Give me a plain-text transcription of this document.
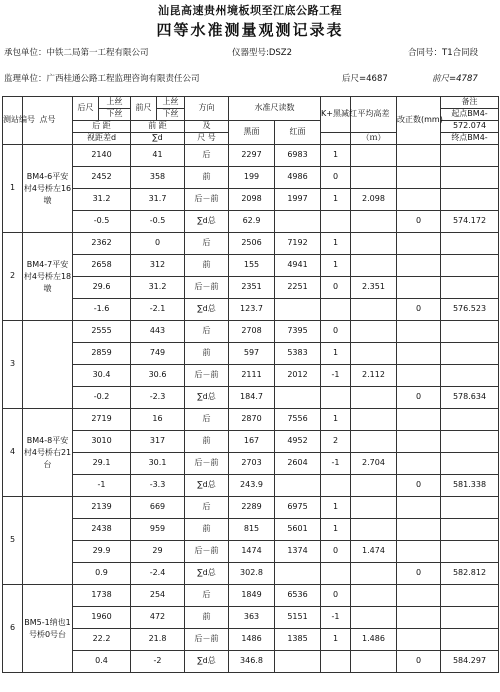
汕昆高速贵州境板坝至江底公路工程
四等水准测量观测记录表
承包单位：中铁二局第一工程有限公司	仪器型号:DSZ2	合同号：T1合同段
监理单位：广西桂通公路工程监理咨询有限责任公司	后尺=4687	前尺=4787
测站编号	点号	后尺	上丝	前尺	上丝	方向	水准尺读数		K+黑减红	平均高差	改正数(mm)	备注
			下丝		下丝							起点BM4-
		后 距		前 距		及	黑面	红面				572.074
		视距差d		∑d		尺 号				（ｍ）		终点BM4-

1	BM4-6平安村4号桥左16墩	2140		41		后	2297	6983	1			
		2452		358		前	199	4986	0			
		31.2		31.7		后－前	2098	1997	1	2.098		
		-0.5		-0.5		∑d总	62.9				0	574.172
2	BM4-7平安村4号桥左18墩	2362		0		后	2506	7192	1			
		2658		312		前	155	4941	1			
		29.6		31.2		后－前	2351	2251	0	2.351		
		-1.6		-2.1		∑d总	123.7				0	576.523
3		2555		443		后	2708	7395	0			
		2859		749		前	597	5383	1			
		30.4		30.6		后－前	2111	2012	-1	2.112		
		-0.2		-2.3		∑d总	184.7				0	578.634
4	BM4-8平安村4号桥右21台	2719		16		后	2870	7556	1			
		3010		317		前	167	4952	2			
		29.1		30.1		后－前	2703	2604	-1	2.704		
		-1		-3.3		∑d总	243.9				0	581.338
5		2139		669		后	2289	6975	1			
		2438		959		前	815	5601	1			
		29.9		29		后－前	1474	1374	0	1.474		
		0.9		-2.4		∑d总	302.8				0	582.812
6	BM5-1纳也1号桥0号台	1738		254		后	1849	6536	0			
		1960		472		前	363	5151	-1			
		22.2		21.8		后－前	1486	1385	1	1.486		
		0.4		-2		∑d总	346.8				0	584.297
